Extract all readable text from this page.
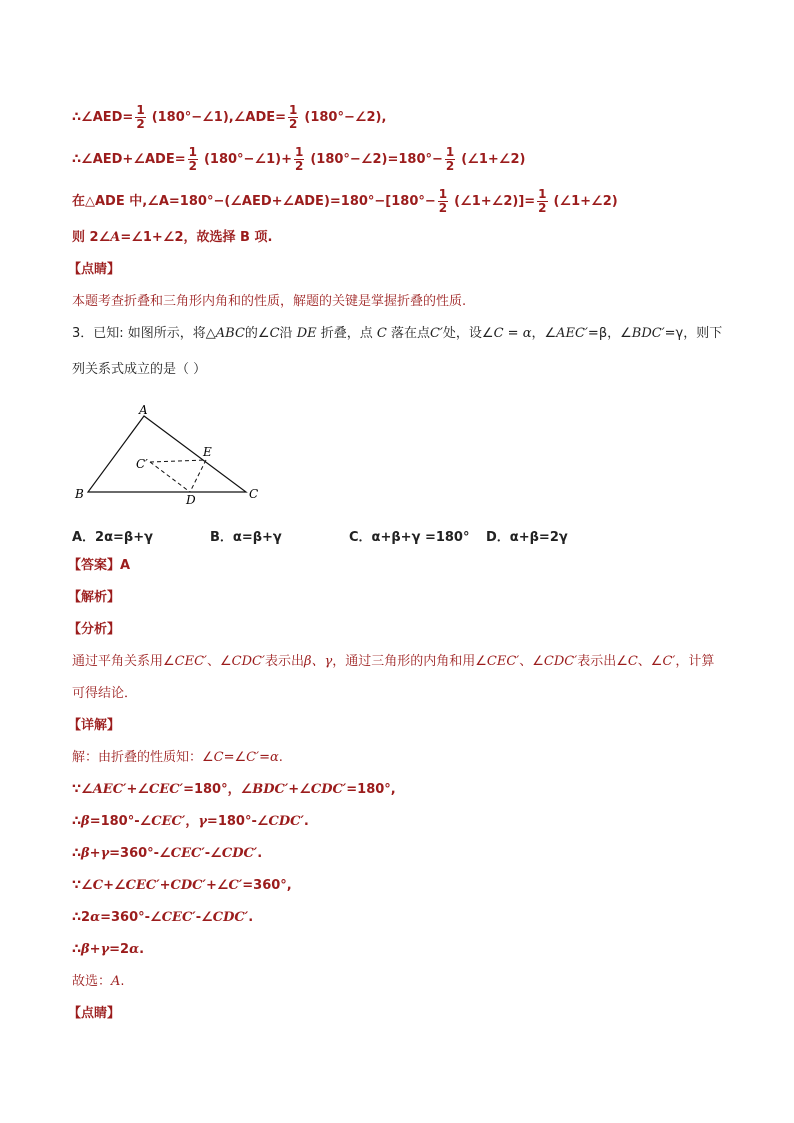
∴∠AED= $\frac{1}{2}$ (180°−∠1),∠ADE= $\frac{1}{2}$ (180°−∠2),
∴∠AED+∠ADE= $\frac{1}{2}$ (180°−∠1)+ $\frac{1}{2}$ (180°−∠2)=180°− $\frac{1}{2}$ (∠1+∠2)
在△ADE 中,∠A=180°−(∠AED+∠ADE)=180°−[180°− $\frac{1}{2}$ (∠1+∠2)]= $\frac{1}{2}$ (∠1+∠2)
则 2∠A=∠1+∠2，故选择 B 项.
【点睛】
本题考查折叠和三角形内角和的性质，解题的关键是掌握折叠的性质.
3．已知: 如图所示，将△ABC的∠C沿 DE 折叠，点 C 落在点C′处，设∠C = α，∠AEC′=β，∠BDC′=γ，则下
列关系式成立的是（ ）
A
B	C
D
E
C′
A．2α=β+γ	B．α=β+γ	C．α+β+γ =180° D．α+β=2γ
【答案】A
【解析】
【分析】
通过平角关系用∠CEC′、∠CDC′表示出β、γ，通过三角形的内角和用∠CEC′、∠CDC′表示出∠C、∠C′，计算
可得结论．
【详解】
解：由折叠的性质知：∠C=∠C′=α.
∵∠AEC′+∠CEC′=180°，∠BDC′+∠CDC′=180°,
∴β=180°-∠CEC′，γ=180°-∠CDC′.
∴β+γ=360°-∠CEC′-∠CDC′.
∵∠C+∠CEC′+CDC′+∠C′=360°,
∴2α=360°-∠CEC′-∠CDC′.
∴β+γ=2α.
故选：A.
【点睛】
